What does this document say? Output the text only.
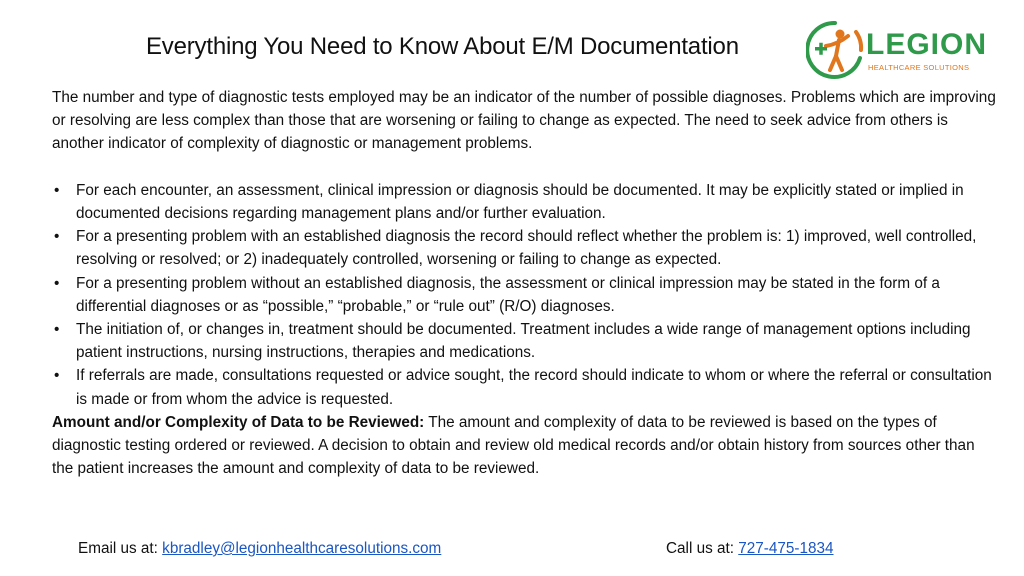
Everything You Need to Know About E/M Documentation	LEGION
HEALTHCARE SOLUTIONS

The number and type of diagnostic tests employed may be an indicator of the number of possible diagnoses. Problems which are improving or resolving are less complex than those that are worsening or failing to change as expected. The need to seek advice from others is another indicator of complexity of diagnostic or management problems.

• For each encounter, an assessment, clinical impression or diagnosis should be documented. It may be explicitly stated or implied in documented decisions regarding management plans and/or further evaluation.
• For a presenting problem with an established diagnosis the record should reflect whether the problem is: 1) improved, well controlled, resolving or resolved; or 2) inadequately controlled, worsening or failing to change as expected.
• For a presenting problem without an established diagnosis, the assessment or clinical impression may be stated in the form of a differential diagnoses or as “possible,” “probable,” or “rule out” (R/O) diagnoses.
• The initiation of, or changes in, treatment should be documented. Treatment includes a wide range of management options including patient instructions, nursing instructions, therapies and medications.
• If referrals are made, consultations requested or advice sought, the record should indicate to whom or where the referral or consultation is made or from whom the advice is requested.

Amount and/or Complexity of Data to be Reviewed: The amount and complexity of data to be reviewed is based on the types of diagnostic testing ordered or reviewed. A decision to obtain and review old medical records and/or obtain history from sources other than the patient increases the amount and complexity of data to be reviewed.

Email us at: kbradley@legionhealthcaresolutions.com	Call us at: 727-475-1834
